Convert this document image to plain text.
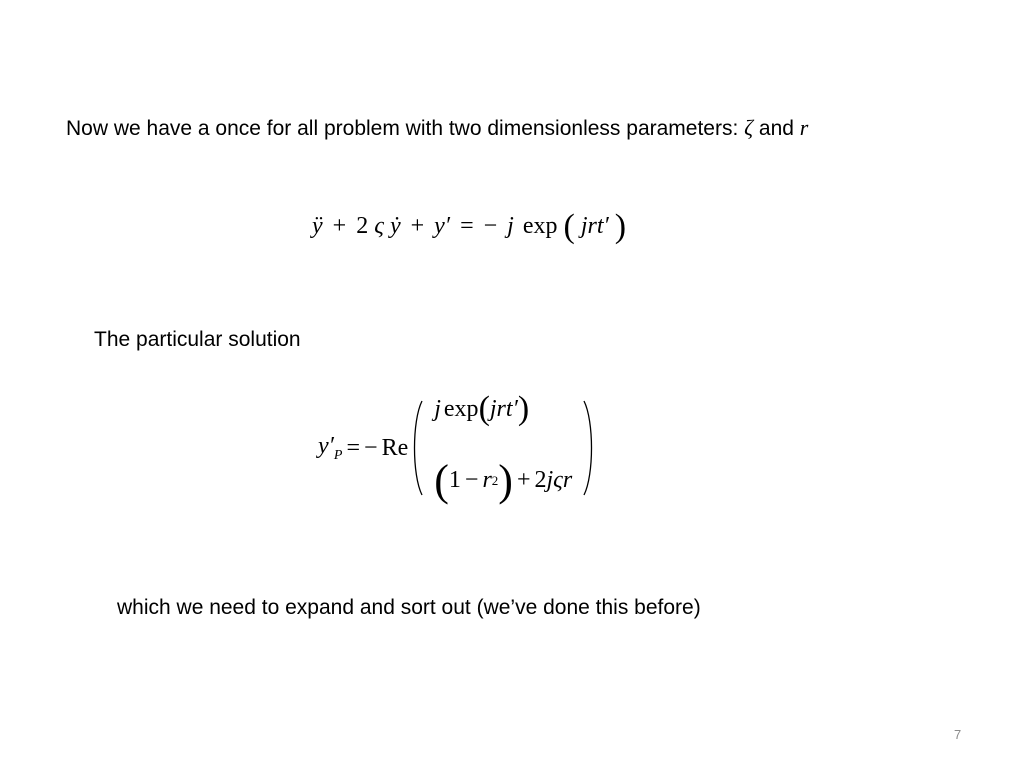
Now we have a once for all problem with two dimensionless parameters: ζ and r
ÿ + 2 ς ẏ + y′ = − j exp ( jrt′ )
The particular solution
$y'_P$ = − Re
j exp ( jrt′ )
( 1 − r 2 ) + 2 j ς r
which we need to expand and sort out (we’ve done this before)
7
